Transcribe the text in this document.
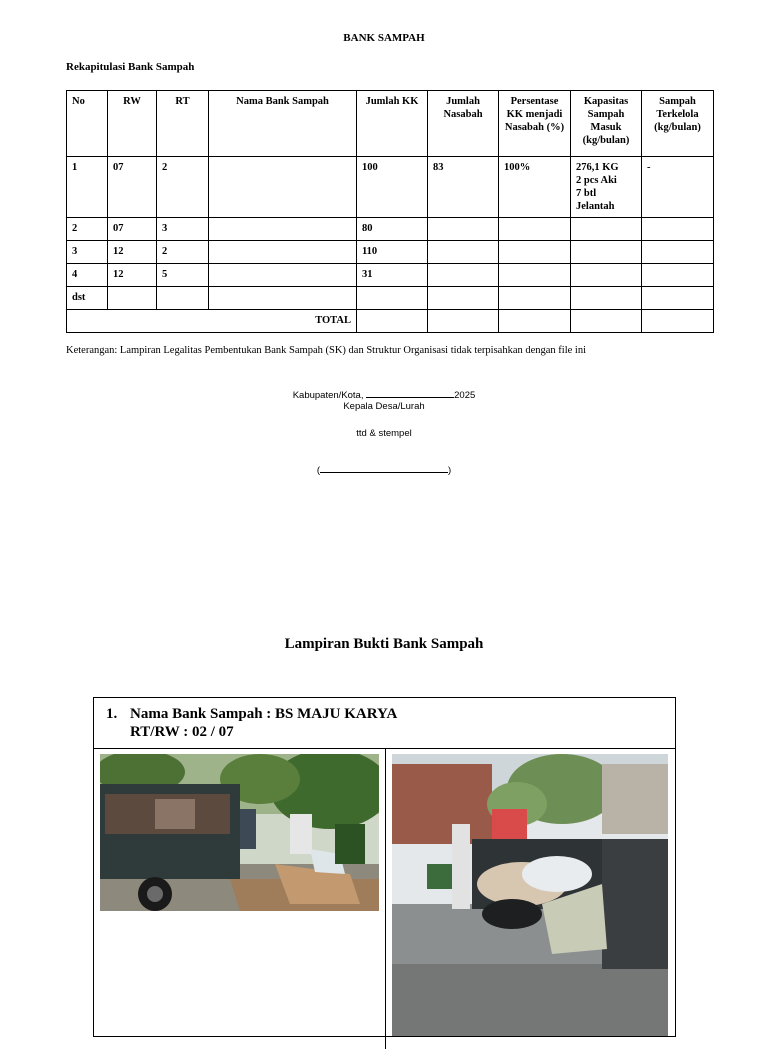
BANK SAMPAH
Rekapitulasi Bank Sampah
No	RW	RT	Nama Bank Sampah	Jumlah KK	Jumlah Nasabah	Persentase KK menjadi Nasabah (%)	Kapasitas Sampah Masuk (kg/bulan)	Sampah Terkelola (kg/bulan)
1	07	2		100	83	100%	276,1 KG
2 pcs Aki
7 btl
Jelantah	-
2	07	3		80				
3	12	2		110				
4	12	5		31				
dst								
TOTAL								
Keterangan: Lampiran Legalitas Pembentukan Bank Sampah (SK) dan Struktur Organisasi tidak terpisahkan dengan file ini
Kabupaten/Kota,	2025
Kepala Desa/Lurah
ttd & stempel
(	)
Lampiran Bukti Bank Sampah
1. Nama Bank Sampah : BS MAJU KARYA
RT/RW : 02 / 07
